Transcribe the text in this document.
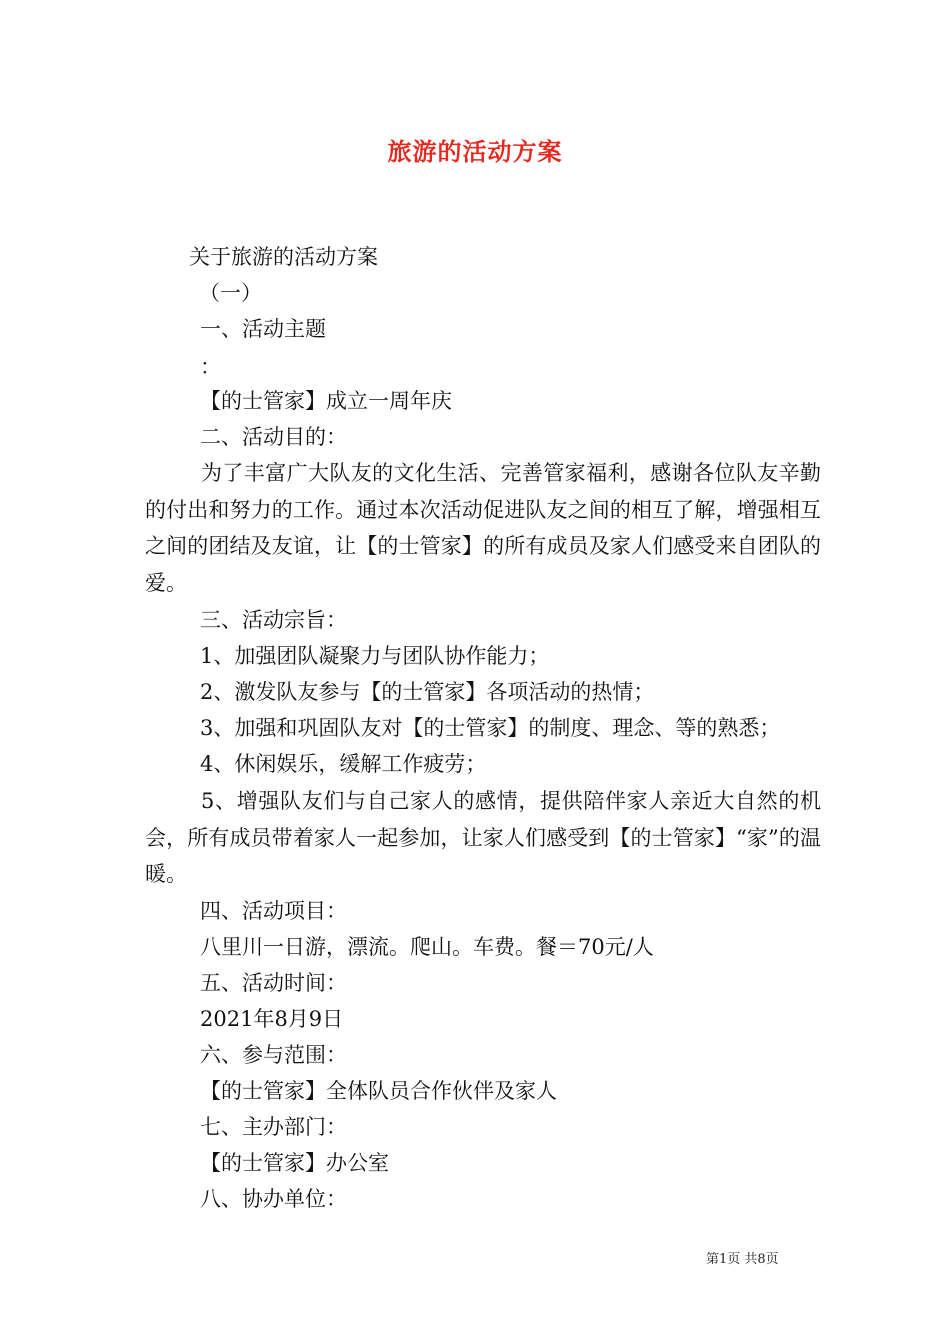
旅游的活动方案

关于旅游的活动方案

（一）

一、活动主题

：

【的士管家】成立一周年庆

二、活动目的：

为了丰富广大队友的文化生活、完善管家福利，感谢各位队友辛勤的付出和努力的工作。通过本次活动促进队友之间的相互了解，增强相互之间的团结及友谊，让【的士管家】的所有成员及家人们感受来自团队的爱。

三、活动宗旨：

1、加强团队凝聚力与团队协作能力；

2、激发队友参与【的士管家】各项活动的热情；

3、加强和巩固队友对【的士管家】的制度、理念、等的熟悉；

4、休闲娱乐，缓解工作疲劳；

5、增强队友们与自己家人的感情，提供陪伴家人亲近大自然的机会，所有成员带着家人一起参加，让家人们感受到【的士管家】“家”的温暖。

四、活动项目：

八里川一日游，漂流。爬山。车费。餐＝70元/人

五、活动时间：

2021年8月9日

六、参与范围：

【的士管家】全体队员合作伙伴及家人

七、主办部门：

【的士管家】办公室

八、协办单位：

第1页 共8页
